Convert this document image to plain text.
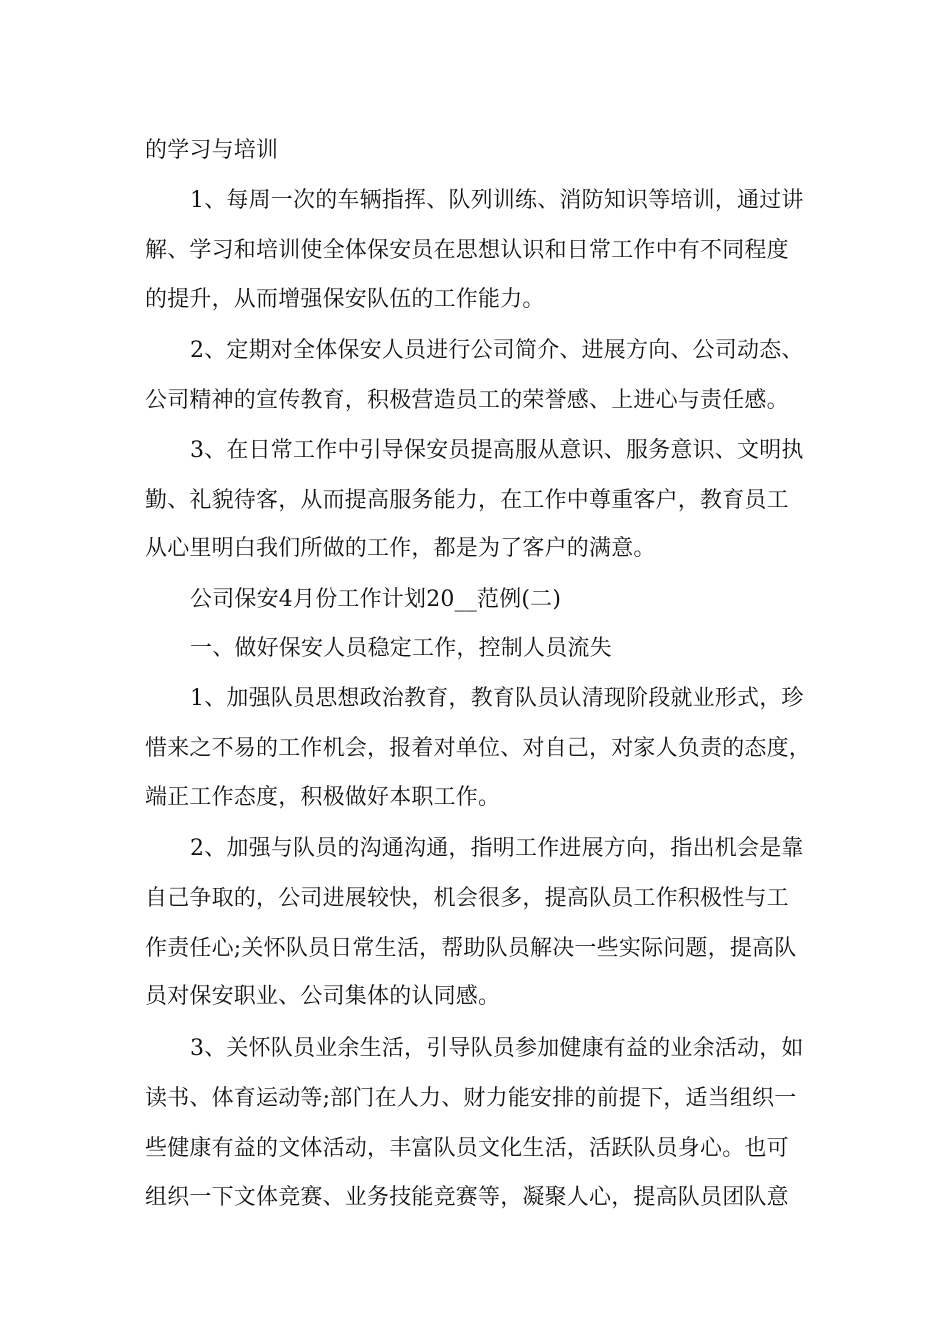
的学习与培训
1、每周一次的车辆指挥、队列训练、消防知识等培训，通过讲
解、学习和培训使全体保安员在思想认识和日常工作中有不同程度
的提升，从而增强保安队伍的工作能力。
2、定期对全体保安人员进行公司简介、进展方向、公司动态、
公司精神的宣传教育，积极营造员工的荣誉感、上进心与责任感。
3、在日常工作中引导保安员提高服从意识、服务意识、文明执
勤、礼貌待客，从而提高服务能力，在工作中尊重客户，教育员工
从心里明白我们所做的工作，都是为了客户的满意。
公司保安4月份工作计划20__范例(二)
一、做好保安人员稳定工作，控制人员流失
1、加强队员思想政治教育，教育队员认清现阶段就业形式，珍
惜来之不易的工作机会，报着对单位、对自己，对家人负责的态度，
端正工作态度，积极做好本职工作。
2、加强与队员的沟通沟通，指明工作进展方向，指出机会是靠
自己争取的，公司进展较快，机会很多，提高队员工作积极性与工
作责任心;关怀队员日常生活，帮助队员解决一些实际问题，提高队
员对保安职业、公司集体的认同感。
3、关怀队员业余生活，引导队员参加健康有益的业余活动，如
读书、体育运动等;部门在人力、财力能安排的前提下，适当组织一
些健康有益的文体活动，丰富队员文化生活，活跃队员身心。也可
组织一下文体竞赛、业务技能竞赛等，凝聚人心，提高队员团队意
